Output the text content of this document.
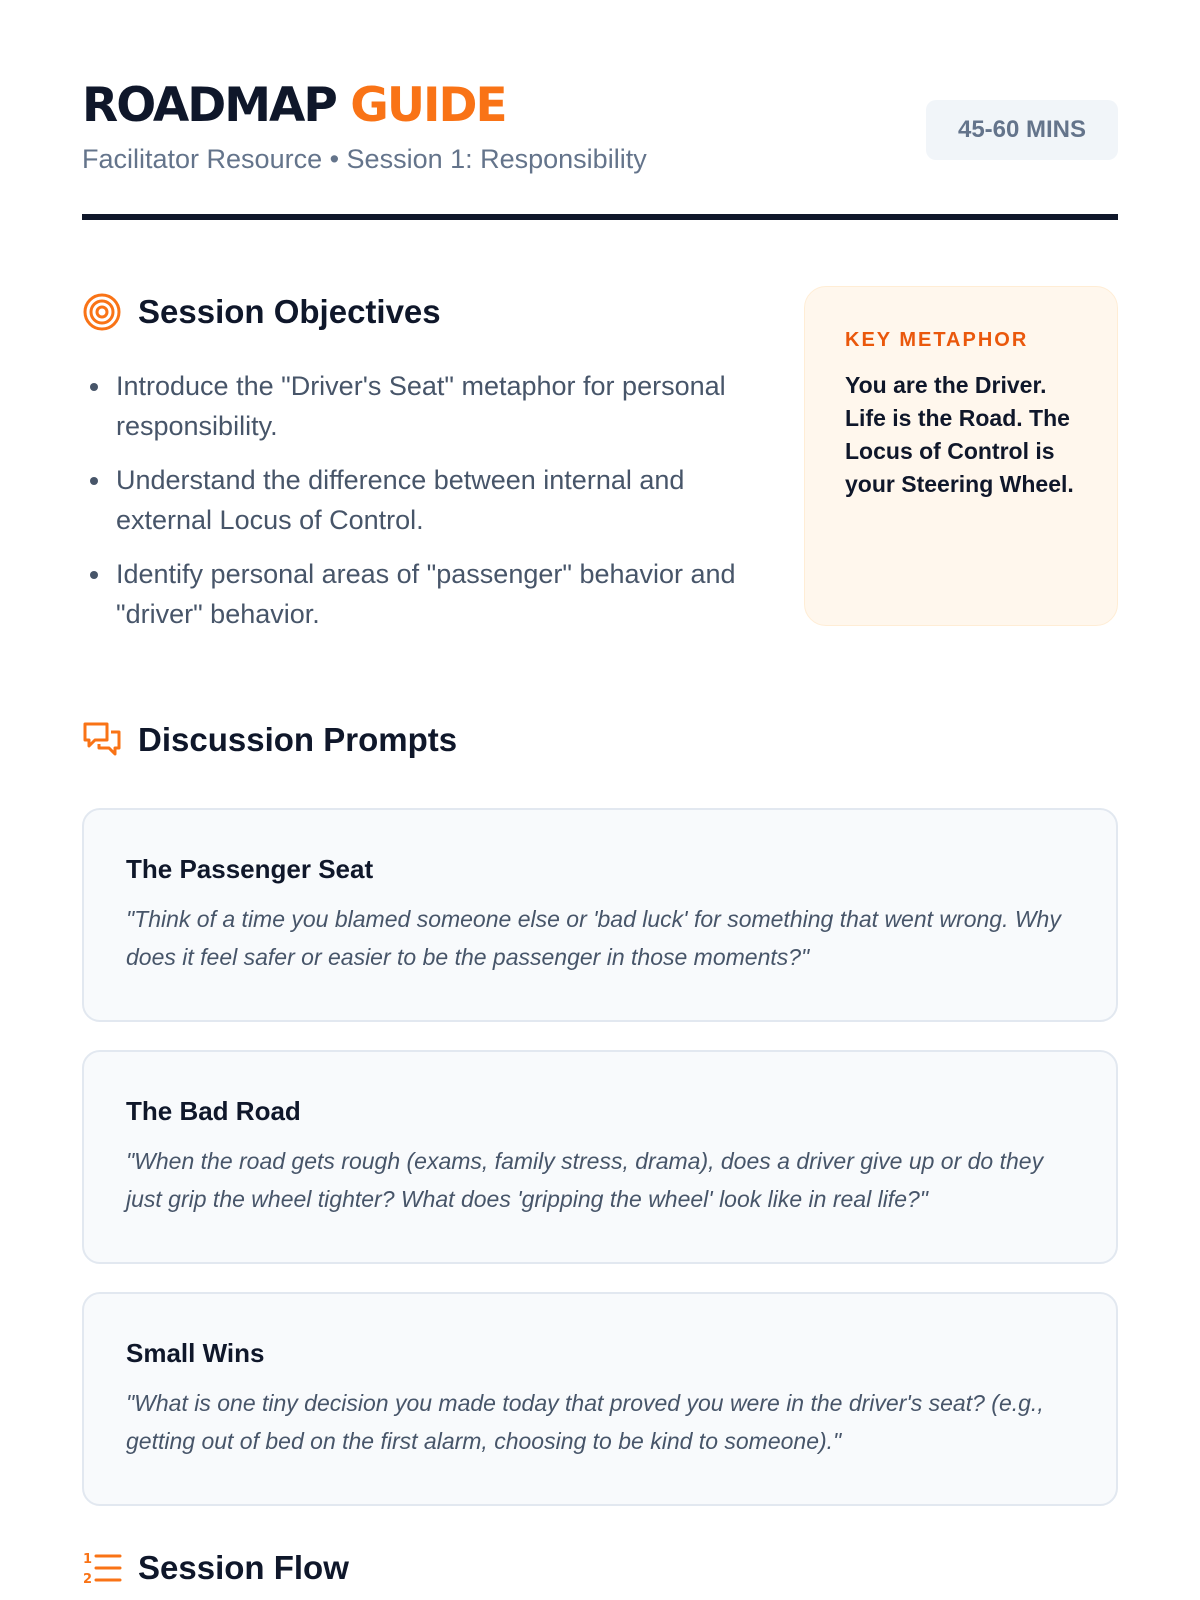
ROADMAP GUIDE
Facilitator Resource • Session 1: Responsibility
45-60 MINS
Session Objectives
Introduce the "Driver's Seat" metaphor for personal responsibility.
Understand the difference between internal and external Locus of Control.
Identify personal areas of "passenger" behavior and "driver" behavior.
KEY METAPHOR
You are the Driver. Life is the Road. The Locus of Control is your Steering Wheel.
Discussion Prompts
The Passenger Seat
"Think of a time you blamed someone else or 'bad luck' for something that went wrong. Why does it feel safer or easier to be the passenger in those moments?"
The Bad Road
"When the road gets rough (exams, family stress, drama), does a driver give up or do they just grip the wheel tighter? What does 'gripping the wheel' look like in real life?"
Small Wins
"What is one tiny decision you made today that proved you were in the driver's seat? (e.g., getting out of bed on the first alarm, choosing to be kind to someone)."
1
2 Session Flow
